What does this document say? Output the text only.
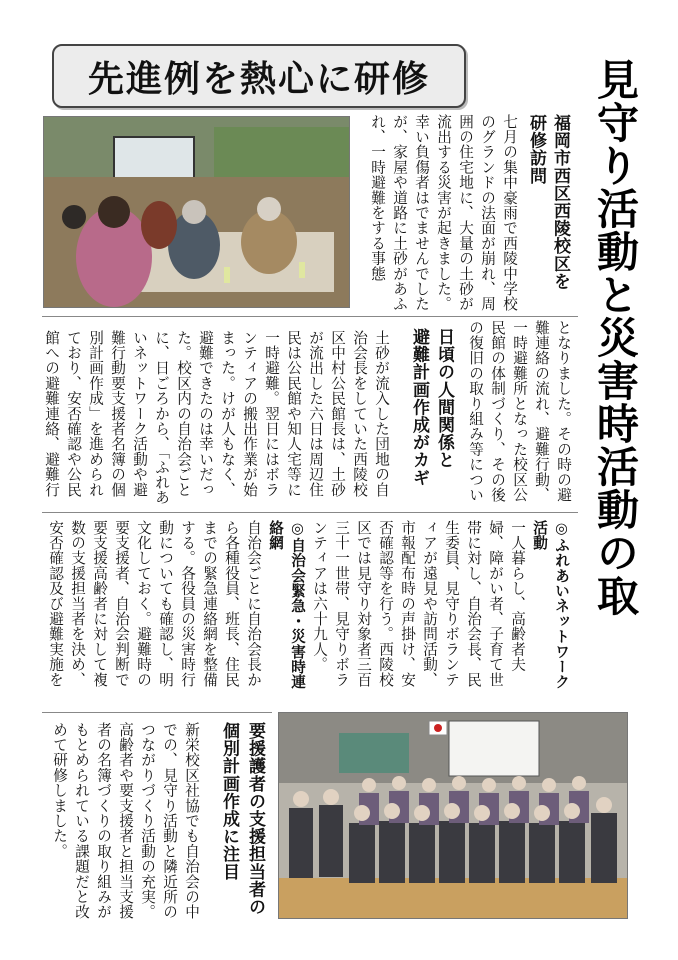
先進例を熱心に研修	見守り活動と災害時活動の取
福岡市西区西陵校区を
研修訪問
七月の集中豪雨で西陵中学校のグランドの法面が崩れ、周囲の住宅地に、大量の土砂が流出する災害が起きました。幸い負傷者はでませんでしたが、家屋や道路に土砂があふれ、一時避難をする事態
となりました。その時の避難連絡の流れ、避難行動、一時避難所となった校区公民館の体制づくり、その後の復旧の取り組み等につい
日頃の人間関係と
避難計画作成がカギ
土砂が流入した団地の自治会長をしていた西陵校区中村公民館長は、土砂が流出した六日は周辺住民は公民館や知人宅等に一時避難。翌日にはボランティアの搬出作業が始まった。けが人もなく、避難できたのは幸いだった。校区内の自治会ごとに、日ごろから、「ふれあいネットワーク活動や避難行動要支援者名簿の個別計画作成」を進められており、安否確認や公民館への避難連絡、避難行
◎ふれあいネットワーク活動
一人暮らし、高齢者夫婦、障がい者、子育て世帯に対し、自治会長、民生委員、見守りボランティアが遠見や訪問活動、市報配布時の声掛け、安否確認等を行う。西陵校区では見守り対象者三百三十一世帯、見守りボランティアは六十九人。
◎自治会緊急・災害時連絡網
自治会ごとに自治会長から各種役員、班長、住民までの緊急連絡網を整備する。各役員の災害時行動についても確認し、明文化しておく。避難時の要支援者、自治会判断で要支援高齢者に対して複数の支援担当者を決め、安否確認及び避難実施を
要援護者の支援担当者の
個別計画作成に注目
新栄校区社協でも自治会の中での、見守り活動と隣近所のつながりづくり活動の充実。高齢者や要支援者と担当支援者の名簿づくりの取り組みがもとめられている課題だと改めて研修しました。
